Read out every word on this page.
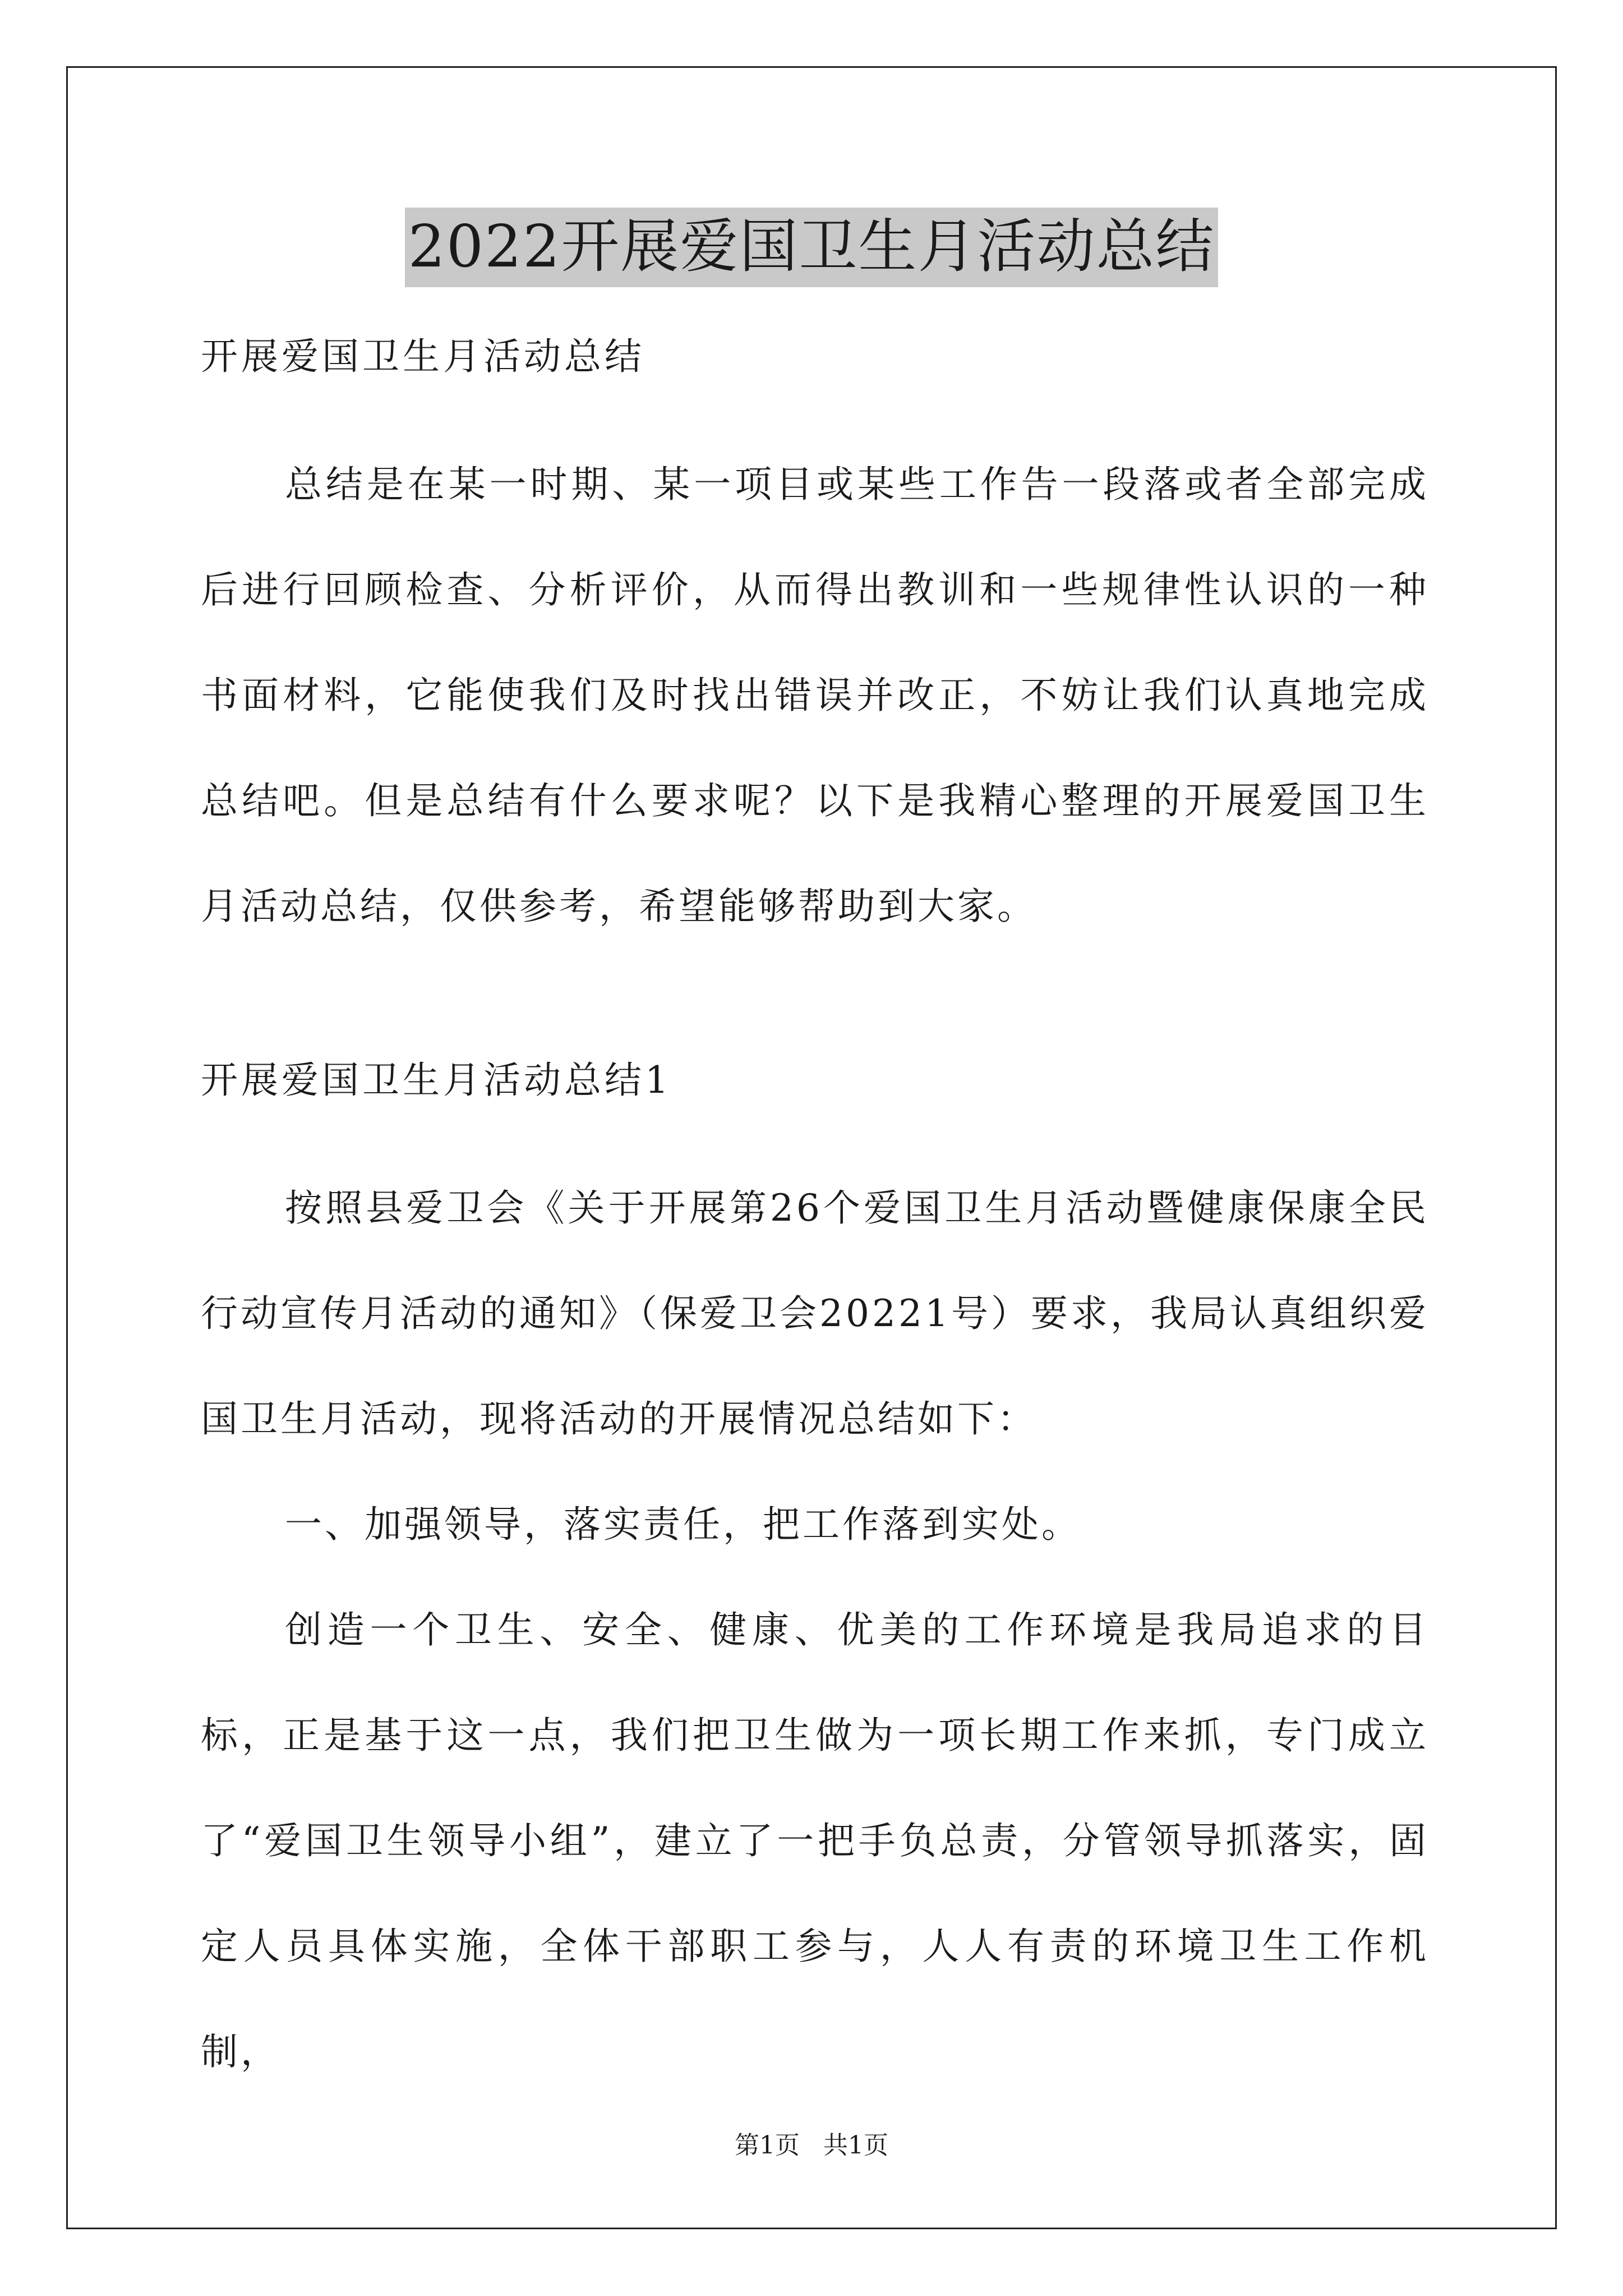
2022开展爱国卫生月活动总结

开展爱国卫生月活动总结

总结是在某一时期、某一项目或某些工作告一段落或者全部完成后进行回顾检查、分析评价，从而得出教训和一些规律性认识的一种书面材料，它能使我们及时找出错误并改正，不妨让我们认真地完成总结吧。但是总结有什么要求呢？以下是我精心整理的开展爱国卫生月活动总结，仅供参考，希望能够帮助到大家。

开展爱国卫生月活动总结1

按照县爱卫会《关于开展第26个爱国卫生月活动暨健康保康全民行动宣传月活动的通知》（保爱卫会20221号）要求，我局认真组织爱国卫生月活动，现将活动的开展情况总结如下：

一、加强领导，落实责任，把工作落到实处。

创造一个卫生、安全、健康、优美的工作环境是我局追求的目标，正是基于这一点，我们把卫生做为一项长期工作来抓，专门成立了“爱国卫生领导小组”，建立了一把手负总责，分管领导抓落实，固定人员具体实施，全体干部职工参与，人人有责的环境卫生工作机制，

第1页 共1页
